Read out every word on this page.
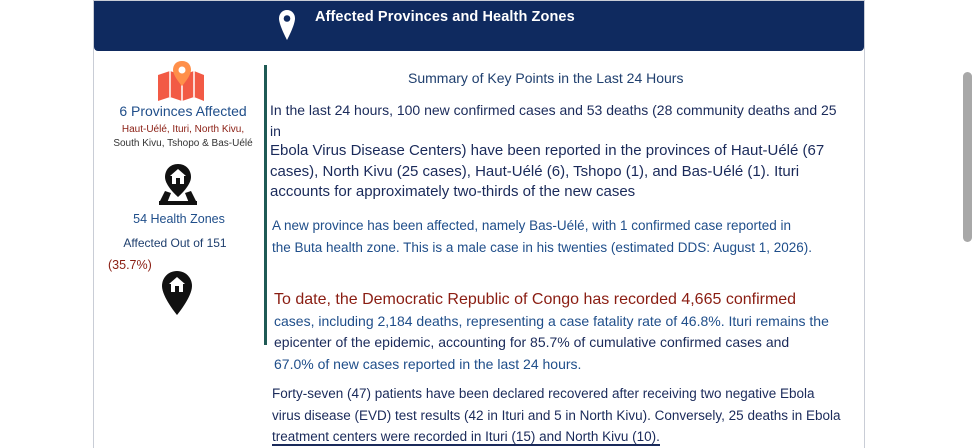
Affected Provinces and Health Zones
6 Provinces Affected
Haut-Uélé, Ituri, North Kivu,
South Kivu, Tshopo & Bas-Uélé
54 Health Zones
Affected Out of 151
(35.7%)
Summary of Key Points in the Last 24 Hours
In the last 24 hours, 100 new confirmed cases and 53 deaths (28 community deaths and 25 in
Ebola Virus Disease Centers) have been reported in the provinces of Haut-Uélé (67
cases), North Kivu (25 cases), Haut-Uélé (6), Tshopo (1), and Bas-Uélé (1). Ituri
accounts for approximately two-thirds of the new cases
A new province has been affected, namely Bas-Uélé, with 1 confirmed case reported in
the Buta health zone. This is a male case in his twenties (estimated DDS: August 1, 2026).
To date, the Democratic Republic of Congo has recorded 4,665 confirmed
cases, including 2,184 deaths, representing a case fatality rate of 46.8%. Ituri remains the
epicenter of the epidemic, accounting for 85.7% of cumulative confirmed cases and
67.0% of new cases reported in the last 24 hours.
Forty-seven (47) patients have been declared recovered after receiving two negative Ebola
virus disease (EVD) test results (42 in Ituri and 5 in North Kivu). Conversely, 25 deaths in Ebola
treatment centers were recorded in Ituri (15) and North Kivu (10).
